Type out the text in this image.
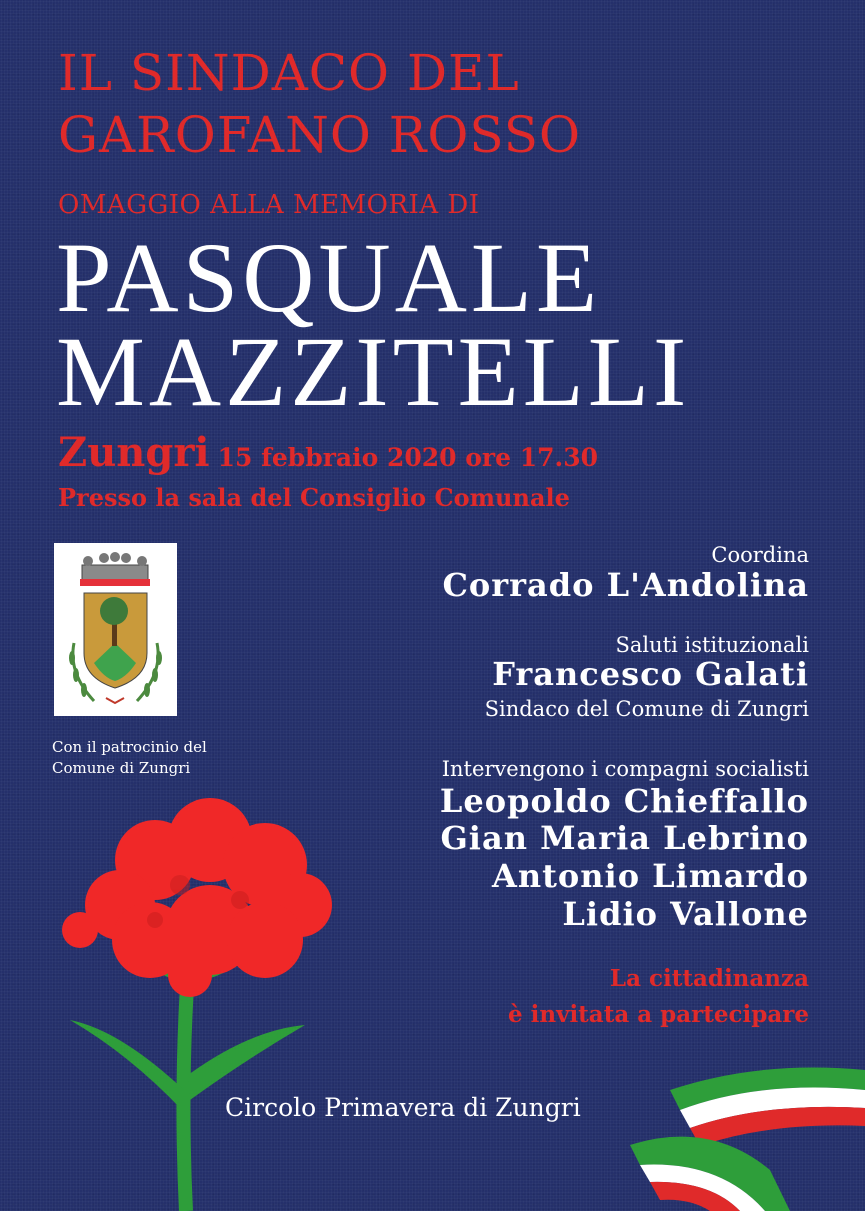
IL SINDACO DEL
GAROFANO ROSSO
OMAGGIO ALLA MEMORIA DI
PASQUALE
MAZZITELLI
Zungri 15 febbraio 2020 ore 17.30
Presso la sala del Consiglio Comunale
Con il patrocinio del
Comune di Zungri
Coordina
Corrado L'Andolina
Saluti istituzionali
Francesco Galati
Sindaco del Comune di Zungri
Intervengono i compagni socialisti
Leopoldo Chieffallo
Gian Maria Lebrino
Antonio Limardo
Lidio Vallone
La cittadinanza
è invitata a partecipare
Circolo Primavera di Zungri
